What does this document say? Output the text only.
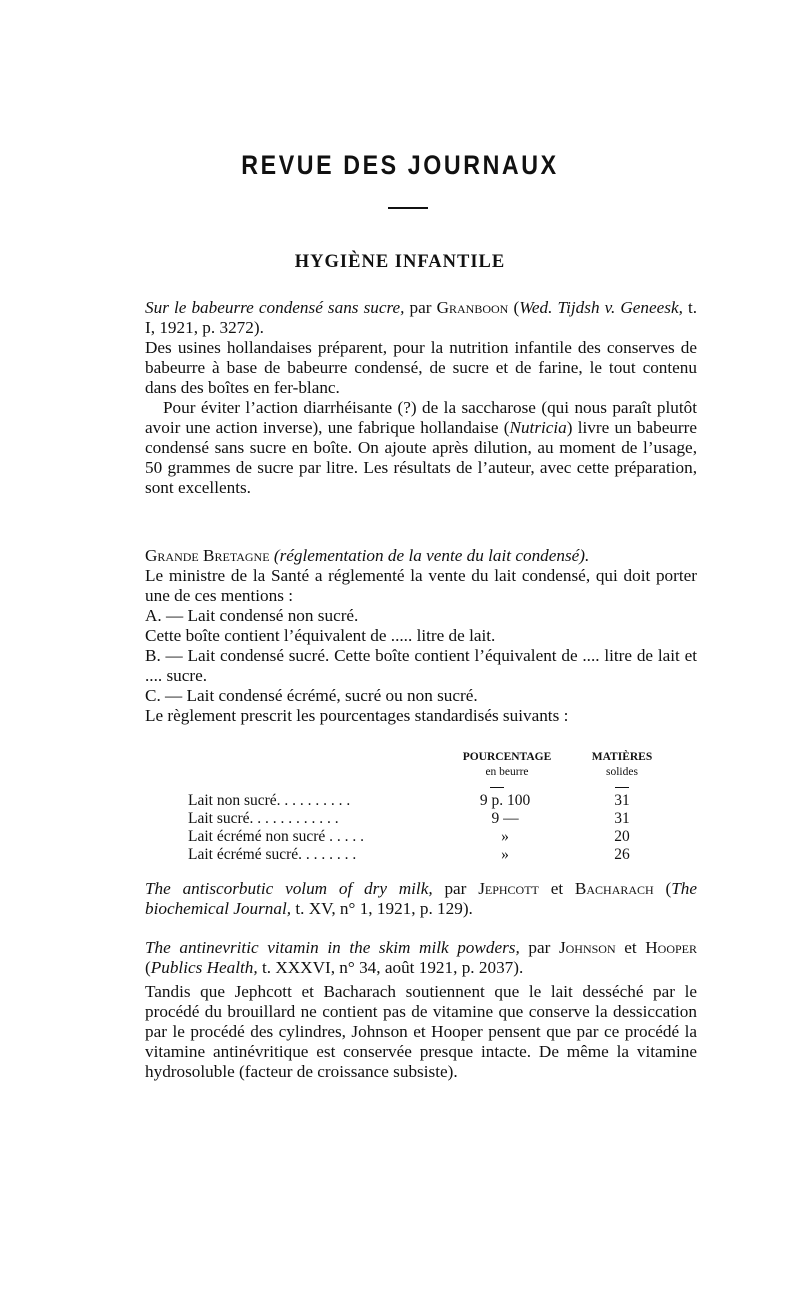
REVUE DES JOURNAUX
HYGIÈNE INFANTILE

Sur le babeurre condensé sans sucre, par Granboon (Wed. Tijdsh v. Geneesk, t. I, 1921, p. 3272).

Des usines hollandaises préparent, pour la nutrition infantile des conserves de babeurre à base de babeurre condensé, de sucre et de farine, le tout contenu dans des boîtes en fer-blanc.

Pour éviter l’action diarrhéisante (?) de la saccharose (qui nous paraît plutôt avoir une action inverse), une fabrique hollandaise (Nutricia) livre un babeurre condensé sans sucre en boîte. On ajoute après dilution, au moment de l’usage, 50 grammes de sucre par litre. Les résultats de l’auteur, avec cette préparation, sont excellents.

Grande Bretagne (réglementation de la vente du lait condensé).

Le ministre de la Santé a réglementé la vente du lait condensé, qui doit porter une de ces mentions :

A. — Lait condensé non sucré.

Cette boîte contient l’équivalent de ..... litre de lait.

B. — Lait condensé sucré. Cette boîte contient l’équivalent de .... litre de lait et .... sucre.

C. — Lait condensé écrémé, sucré ou non sucré.

Le règlement prescrit les pourcentages standardisés suivants :

POURCENTAGE
en beurre
MATIÈRES
solides
Lait non sucré. . . . . . . . . .	9 p. 100	31
Lait sucré. . . . . . . . . . . .	9 —	31
Lait écrémé non sucré . . . . .	»	20
Lait écrémé sucré. . . . . . . .	»	26

The antiscorbutic volum of dry milk, par Jephcott et Bacharach (The biochemical Journal, t. XV, n° 1, 1921, p. 129).

The antinevritic vitamin in the skim milk powders, par Johnson et Hooper (Publics Health, t. XXXVI, n° 34, août 1921, p. 2037).

Tandis que Jephcott et Bacharach soutiennent que le lait desséché par le procédé du brouillard ne contient pas de vitamine que conserve la dessiccation par le procédé des cylindres, Johnson et Hooper pensent que par ce procédé la vitamine antinévritique est conservée presque intacte. De même la vitamine hydrosoluble (facteur de croissance subsiste).
